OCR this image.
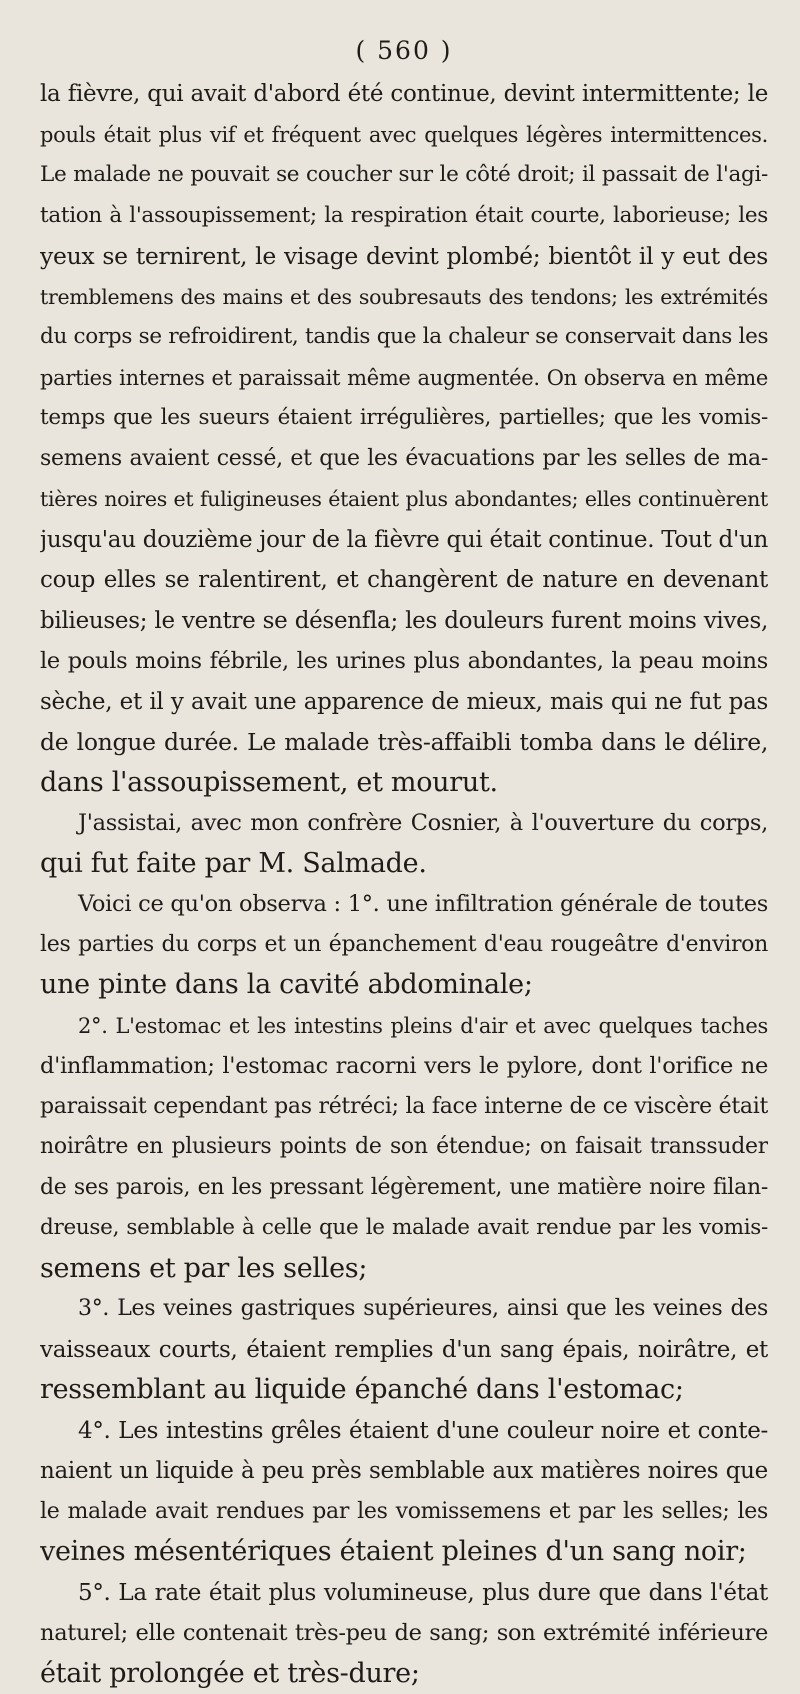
( 560 )
la fièvre, qui avait d'abord été continue, devint intermittente; le
pouls était plus vif et fréquent avec quelques légères intermittences.
Le malade ne pouvait se coucher sur le côté droit; il passait de l'agi-
tation à l'assoupissement; la respiration était courte, laborieuse; les
yeux se ternirent, le visage devint plombé; bientôt il y eut des
tremblemens des mains et des soubresauts des tendons; les extrémités
du corps se refroidirent, tandis que la chaleur se conservait dans les
parties internes et paraissait même augmentée. On observa en même
temps que les sueurs étaient irrégulières, partielles; que les vomis-
semens avaient cessé, et que les évacuations par les selles de ma-
tières noires et fuligineuses étaient plus abondantes; elles continuèrent
jusqu'au douzième jour de la fièvre qui était continue. Tout d'un
coup elles se ralentirent, et changèrent de nature en devenant
bilieuses; le ventre se désenfla; les douleurs furent moins vives,
le pouls moins fébrile, les urines plus abondantes, la peau moins
sèche, et il y avait une apparence de mieux, mais qui ne fut pas
de longue durée. Le malade très-affaibli tomba dans le délire,
dans l'assoupissement, et mourut.
J'assistai, avec mon confrère Cosnier, à l'ouverture du corps,
qui fut faite par M. Salmade.
Voici ce qu'on observa : 1°. une infiltration générale de toutes
les parties du corps et un épanchement d'eau rougeâtre d'environ
une pinte dans la cavité abdominale;
2°. L'estomac et les intestins pleins d'air et avec quelques taches
d'inflammation; l'estomac racorni vers le pylore, dont l'orifice ne
paraissait cependant pas rétréci; la face interne de ce viscère était
noirâtre en plusieurs points de son étendue; on faisait transsuder
de ses parois, en les pressant légèrement, une matière noire filan-
dreuse, semblable à celle que le malade avait rendue par les vomis-
semens et par les selles;
3°. Les veines gastriques supérieures, ainsi que les veines des
vaisseaux courts, étaient remplies d'un sang épais, noirâtre, et
ressemblant au liquide épanché dans l'estomac;
4°. Les intestins grêles étaient d'une couleur noire et conte-
naient un liquide à peu près semblable aux matières noires que
le malade avait rendues par les vomissemens et par les selles; les
veines mésentériques étaient pleines d'un sang noir;
5°. La rate était plus volumineuse, plus dure que dans l'état
naturel; elle contenait très-peu de sang; son extrémité inférieure
était prolongée et très-dure;
